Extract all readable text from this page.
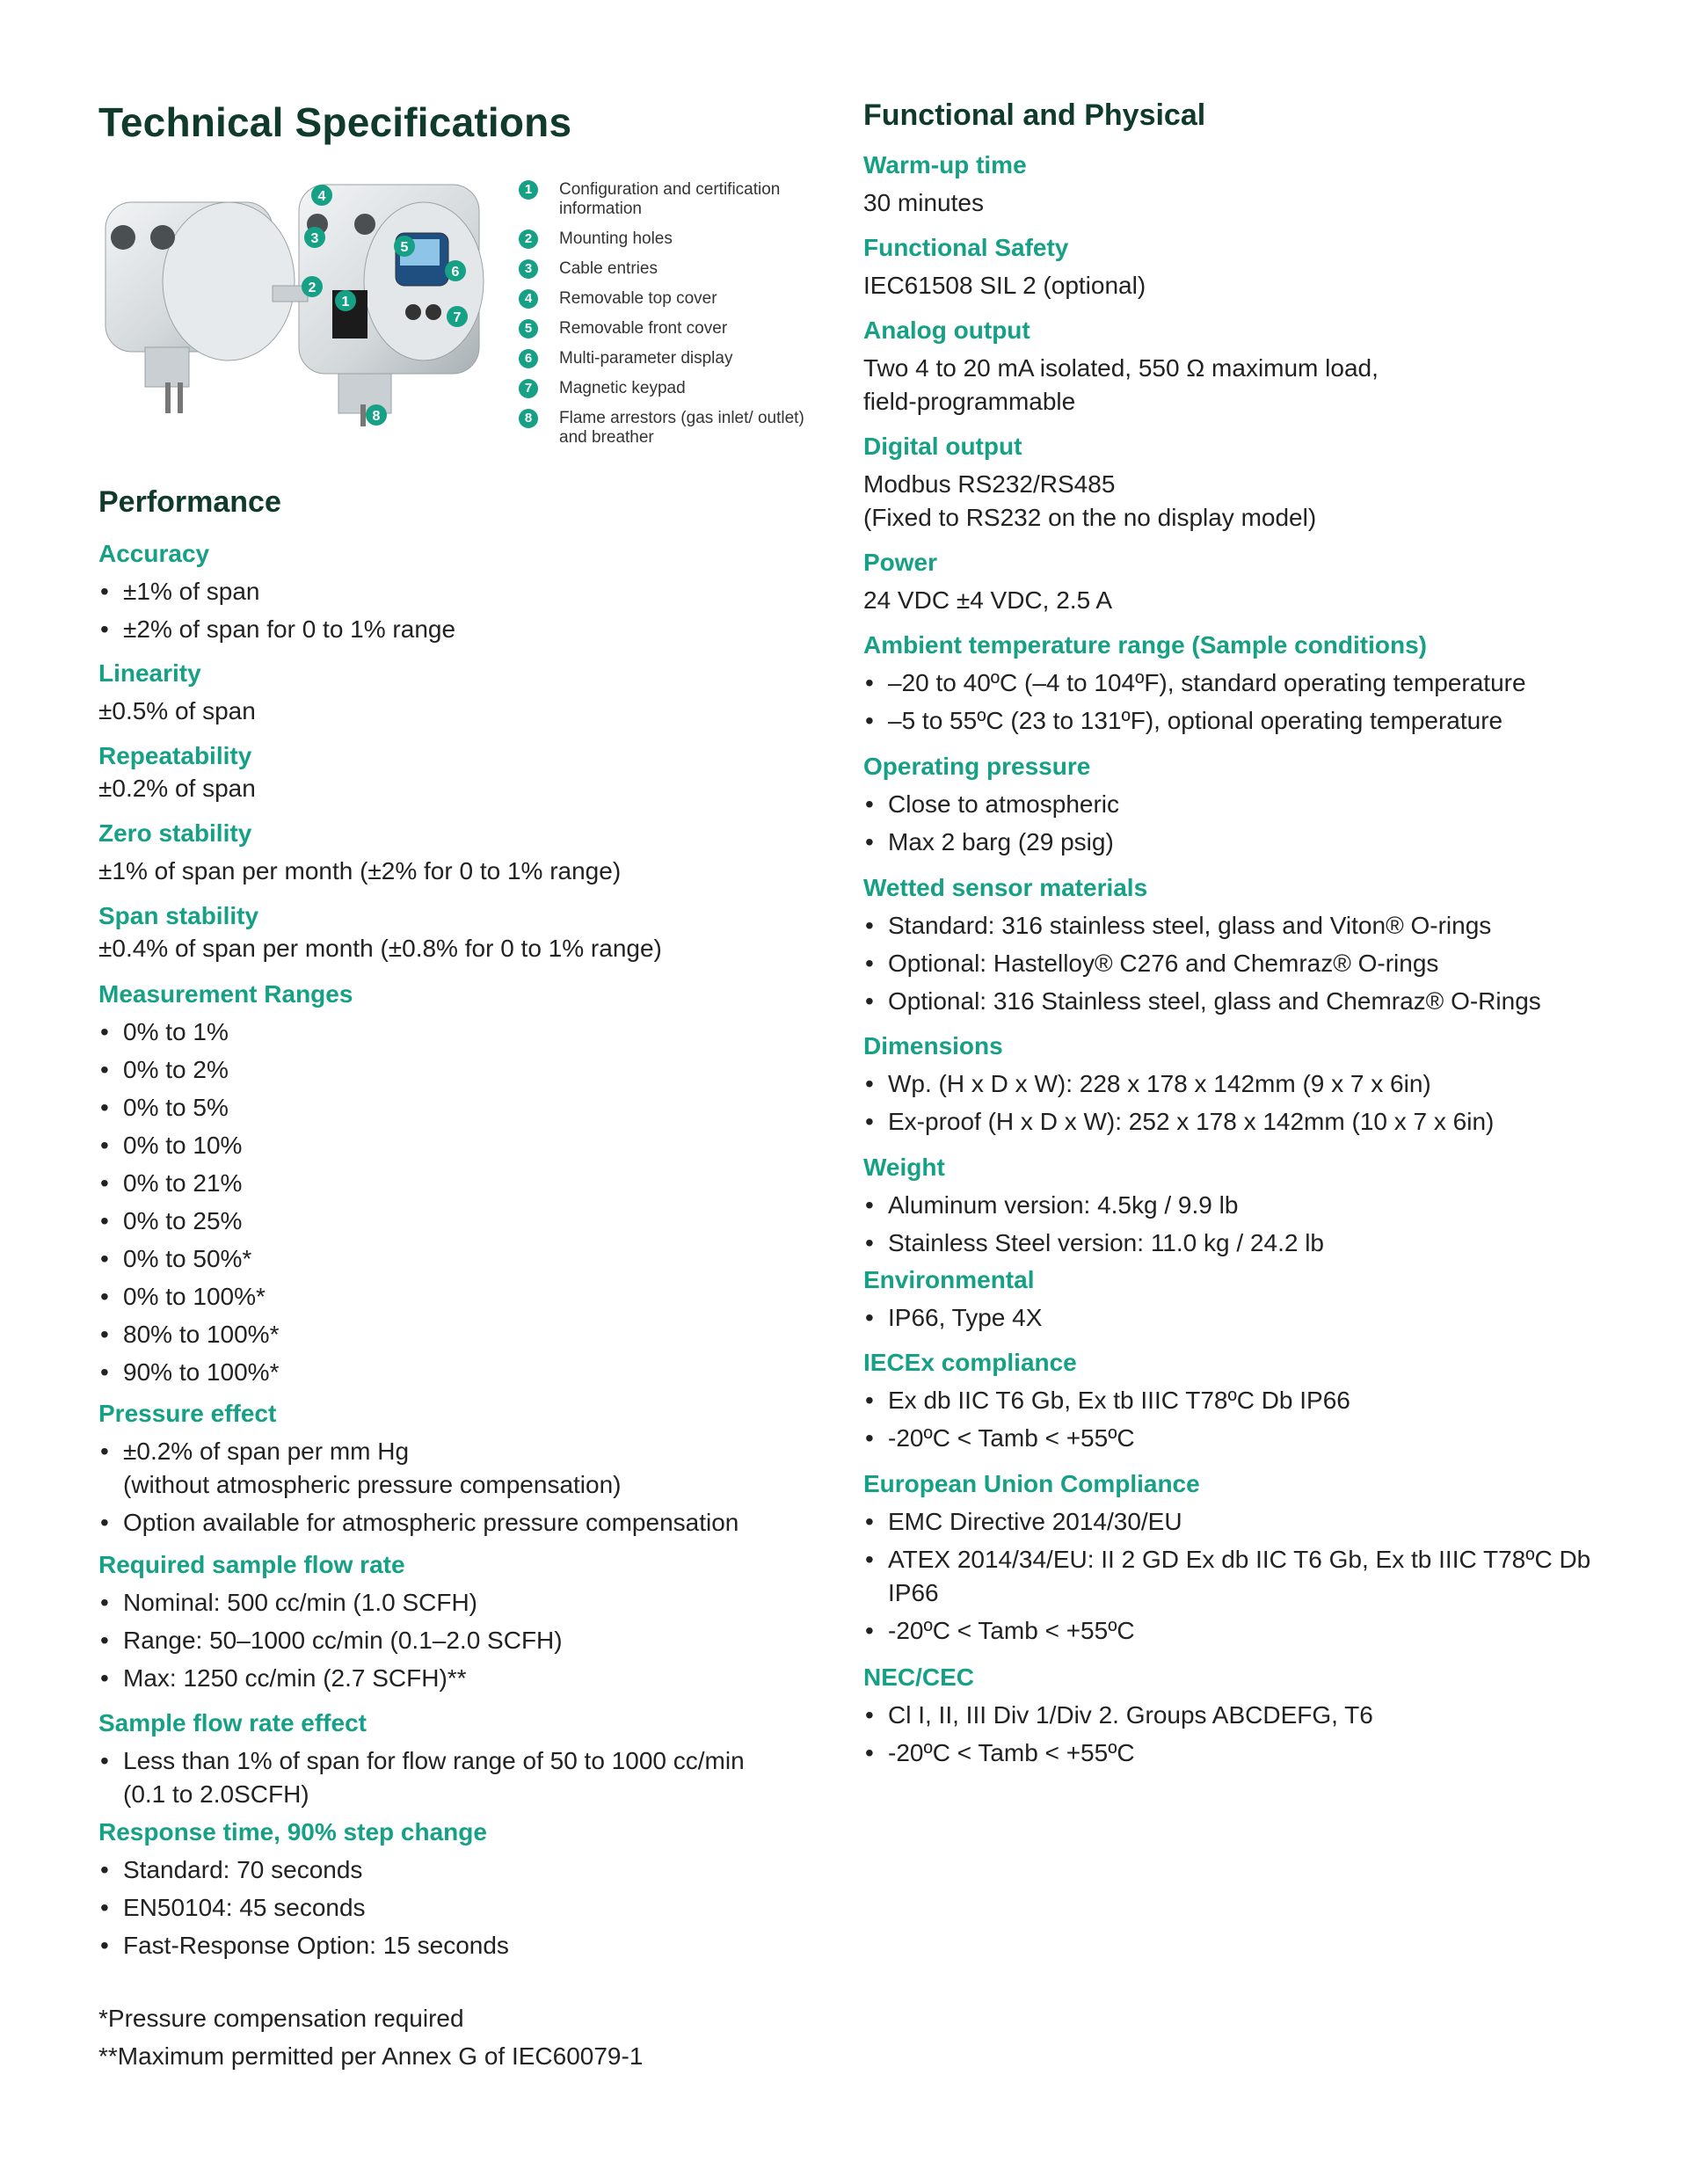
Technical Specifications
4
3
2
1
5
6
7
8
1	Configuration and certification information
2	Mounting holes
3	Cable entries
4	Removable top cover
5	Removable front cover
6	Multi-parameter display
7	Magnetic keypad
8	Flame arrestors (gas inlet/ outlet) and breather
Performance

Accuracy

• ±1% of span
• ±2% of span for 0 to 1% range

Linearity

±0.5% of span

Repeatability

±0.2% of span

Zero stability

±1% of span per month (±2% for 0 to 1% range)

Span stability

±0.4% of span per month (±0.8% for 0 to 1% range)

Measurement Ranges

• 0% to 1%
• 0% to 2%
• 0% to 5%
• 0% to 10%
• 0% to 21%
• 0% to 25%
• 0% to 50%*
• 0% to 100%*
• 80% to 100%*
• 90% to 100%*

Pressure effect

• ±0.2% of span per mm Hg
(without atmospheric pressure compensation)
• Option available for atmospheric pressure compensation

Required sample flow rate

• Nominal: 500 cc/min (1.0 SCFH)
• Range: 50–1000 cc/min (0.1–2.0 SCFH)
• Max: 1250 cc/min (2.7 SCFH)**

Sample flow rate effect

• Less than 1% of span for flow range of 50 to 1000 cc/min
(0.1 to 2.0SCFH)

Response time, 90% step change

• Standard: 70 seconds
• EN50104: 45 seconds
• Fast-Response Option: 15 seconds

*Pressure compensation required

**Maximum permitted per Annex G of IEC60079-1

Functional and Physical

Warm-up time

30 minutes

Functional Safety

IEC61508 SIL 2 (optional)

Analog output

Two 4 to 20 mA isolated, 550 Ω maximum load,

field-programmable

Digital output

Modbus RS232/RS485

(Fixed to RS232 on the no display model)

Power

24 VDC ±4 VDC, 2.5 A

Ambient temperature range (Sample conditions)

• –20 to 40ºC (–4 to 104ºF), standard operating temperature
• –5 to 55ºC (23 to 131ºF), optional operating temperature

Operating pressure

• Close to atmospheric
• Max 2 barg (29 psig)

Wetted sensor materials

• Standard: 316 stainless steel, glass and Viton® O-rings
• Optional: Hastelloy® C276 and Chemraz® O-rings
• Optional: 316 Stainless steel, glass and Chemraz® O-Rings

Dimensions

• Wp. (H x D x W): 228 x 178 x 142mm (9 x 7 x 6in)
• Ex-proof (H x D x W): 252 x 178 x 142mm (10 x 7 x 6in)

Weight

• Aluminum version: 4.5kg / 9.9 lb
• Stainless Steel version: 11.0 kg / 24.2 lb

Environmental

• IP66, Type 4X

IECEx compliance

• Ex db IIC T6 Gb, Ex tb IIIC T78ºC Db IP66
• -20ºC < Tamb < +55ºC

European Union Compliance

• EMC Directive 2014/30/EU
• ATEX 2014/34/EU: II 2 GD Ex db IIC T6 Gb, Ex tb IIIC T78ºC Db
IP66
• -20ºC < Tamb < +55ºC

NEC/CEC

• Cl I, II, III Div 1/Div 2. Groups ABCDEFG, T6
• -20ºC < Tamb < +55ºC
